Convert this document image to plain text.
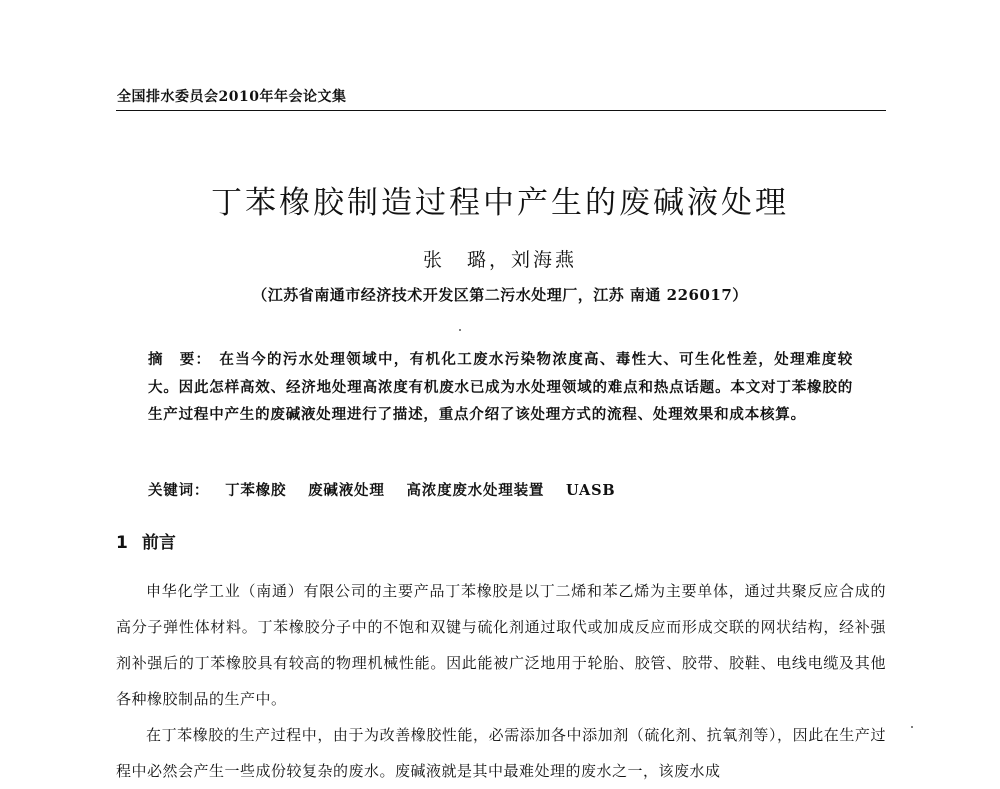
全国排水委员会2010年年会论文集
丁苯橡胶制造过程中产生的废碱液处理
张　璐，刘海燕
（江苏省南通市经济技术开发区第二污水处理厂，江苏 南通 226017）
摘　要： 在当今的污水处理领域中，有机化工废水污染物浓度高、毒性大、可生化性差，处理难度较大。因此怎样高效、经济地处理高浓度有机废水已成为水处理领域的难点和热点话题。本文对丁苯橡胶的生产过程中产生的废碱液处理进行了描述，重点介绍了该处理方式的流程、处理效果和成本核算。
关键词： 丁苯橡胶 废碱液处理 高浓度废水处理装置 UASB
1 前言

申华化学工业（南通）有限公司的主要产品丁苯橡胶是以丁二烯和苯乙烯为主要单体，通过共聚反应合成的高分子弹性体材料。丁苯橡胶分子中的不饱和双键与硫化剂通过取代或加成反应而形成交联的网状结构，经补强剂补强后的丁苯橡胶具有较高的物理机械性能。因此能被广泛地用于轮胎、胶管、胶带、胶鞋、电线电缆及其他各种橡胶制品的生产中。

在丁苯橡胶的生产过程中，由于为改善橡胶性能，必需添加各中添加剂（硫化剂、抗氧剂等），因此在生产过程中必然会产生一些成份较复杂的废水。废碱液就是其中最难处理的废水之一，该废水成
